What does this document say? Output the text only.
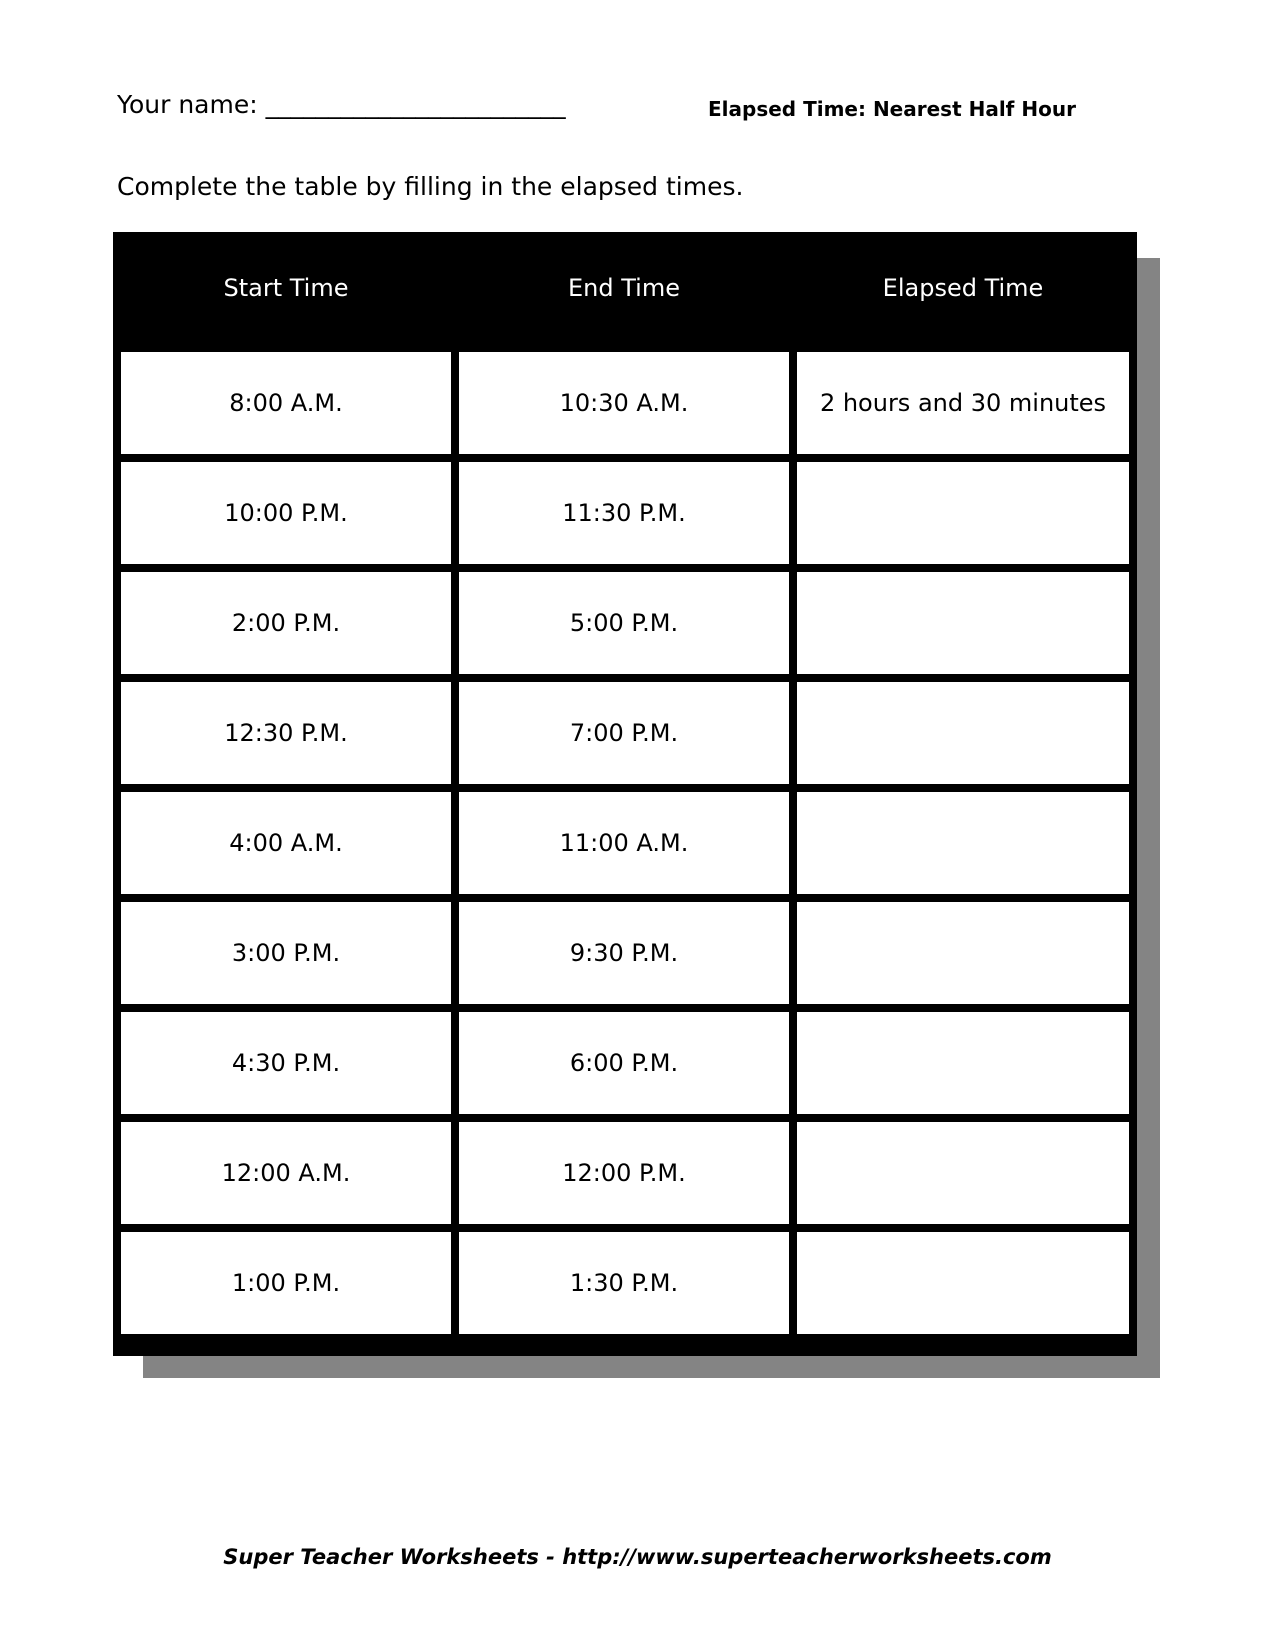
Your name: ________________________	Elapsed Time: Nearest Half Hour
Complete the table by filling in the elapsed times.
Start Time	End Time	Elapsed Time
8:00 A.M.	10:30 A.M.	2 hours and 30 minutes
10:00 P.M.	11:30 P.M.
2:00 P.M.	5:00 P.M.
12:30 P.M.	7:00 P.M.
4:00 A.M.	11:00 A.M.
3:00 P.M.	9:30 P.M.
4:30 P.M.	6:00 P.M.
12:00 A.M.	12:00 P.M.
1:00 P.M.	1:30 P.M.
Super Teacher Worksheets - http://www.superteacherworksheets.com
